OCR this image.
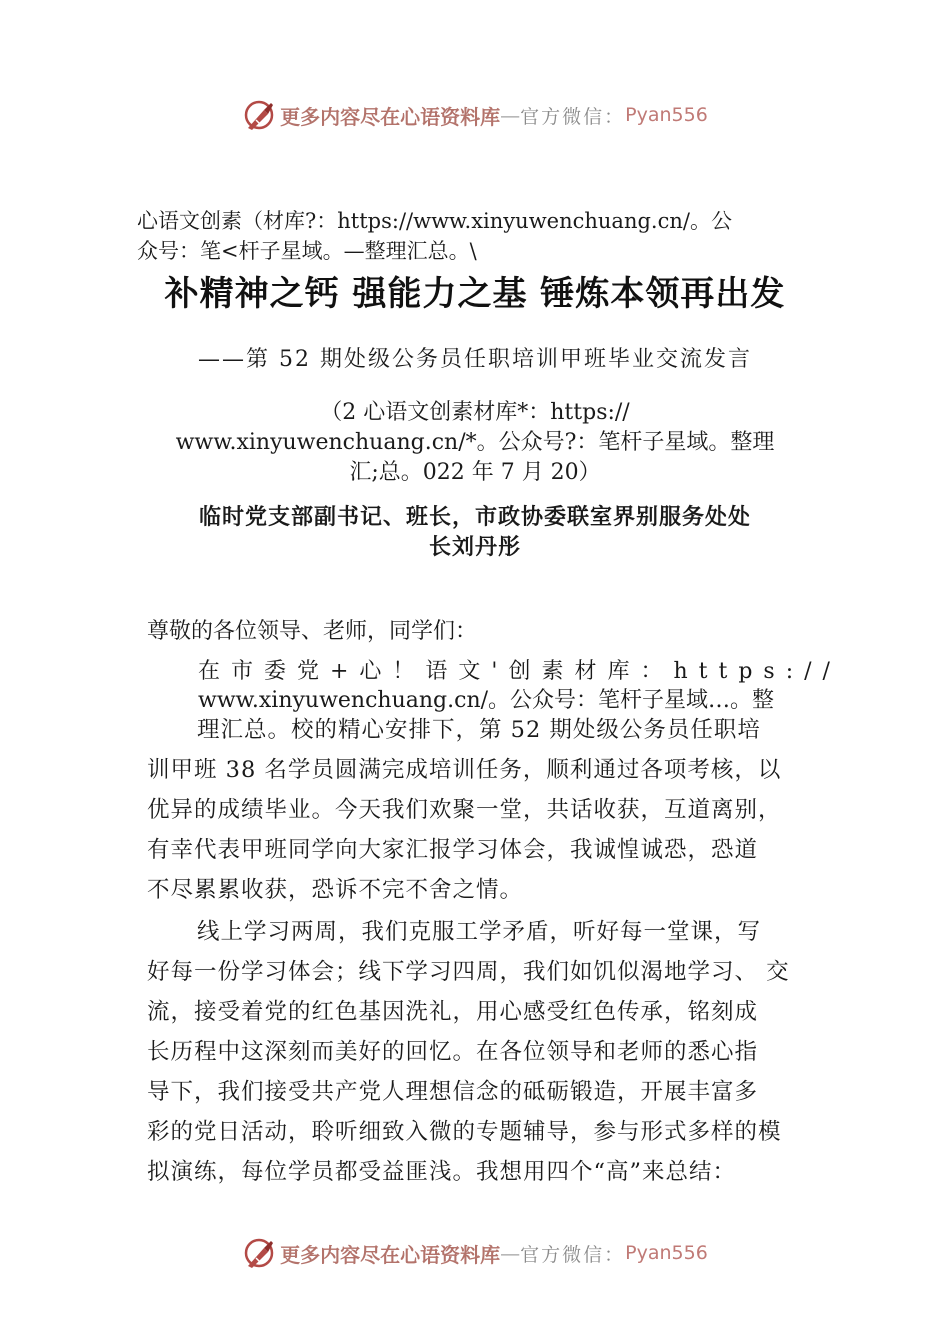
更多内容尽在心语资料库 — 官方微信： Pyan556
心语文创素（材库?：https://www.xinyuwenchuang.cn/。公
众号：笔<杆子星域。—整理汇总。\
补精神之钙 强能力之基 锤炼本领再出发
——第 52 期处级公务员任职培训甲班毕业交流发言
（2 心语文创素材库*：https://
www.xinyuwenchuang.cn/*。公众号?：笔杆子星域。整理
汇;总。022 年 7 月 20）
临时党支部副书记、班长，市政协委联室界别服务处处
长刘丹彤
尊敬的各位领导、老师，同学们：
在市委党+心！语文'创素材库：https://
www.xinyuwenchuang.cn/。公众号：笔杆子星域…。整
理汇总。校的精心安排下，第 52 期处级公务员任职培
训甲班 38 名学员圆满完成培训任务，顺利通过各项考核，以
优异的成绩毕业。今天我们欢聚一堂，共话收获，互道离别，
有幸代表甲班同学向大家汇报学习体会，我诚惶诚恐，恐道
不尽累累收获，恐诉不完不舍之情。
线上学习两周，我们克服工学矛盾，听好每一堂课，写
好每一份学习体会；线下学习四周，我们如饥似渴地学习、 交
流，接受着党的红色基因洗礼，用心感受红色传承，铭刻成
长历程中这深刻而美好的回忆。在各位领导和老师的悉心指
导下，我们接受共产党人理想信念的砥砺锻造，开展丰富多
彩的党日活动，聆听细致入微的专题辅导，参与形式多样的模
拟演练，每位学员都受益匪浅。我想用四个“高”来总结：
更多内容尽在心语资料库 — 官方微信： Pyan556
